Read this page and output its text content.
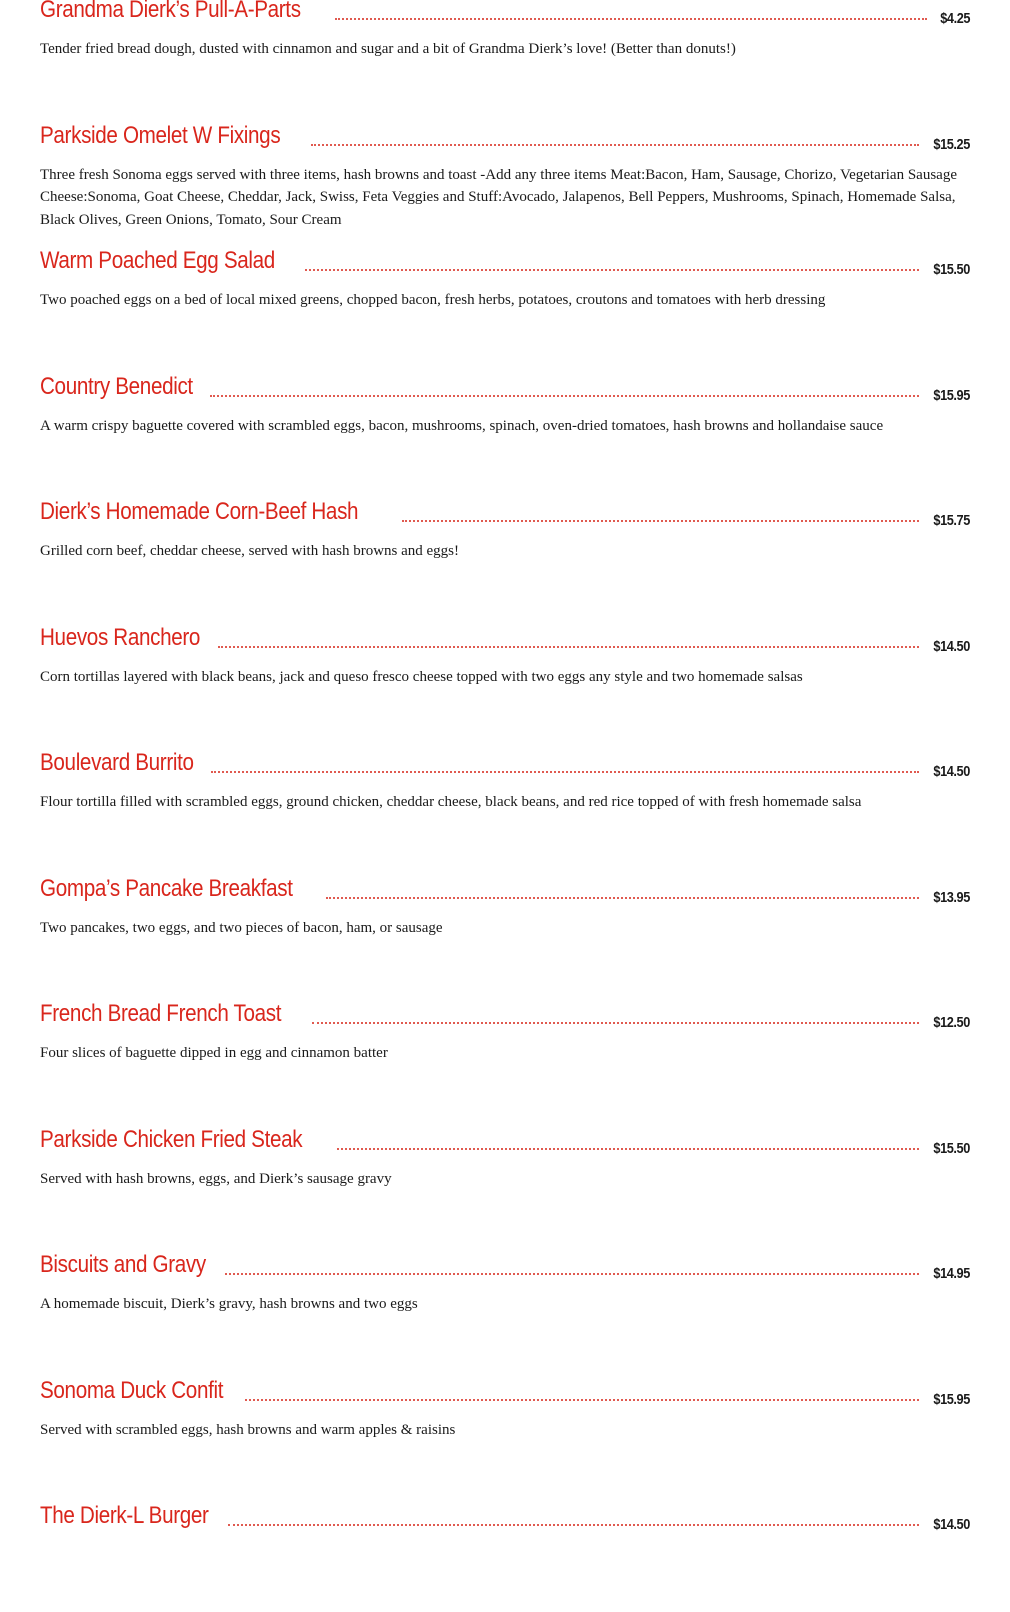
Grandma Dierk’s Pull-A-Parts	$4.25
Tender fried bread dough, dusted with cinnamon and sugar and a bit of Grandma Dierk’s love! (Better than donuts!)
Parkside Omelet W Fixings	$15.25
Three fresh Sonoma eggs served with three items, hash browns and toast -Add any three items Meat:Bacon, Ham, Sausage, Chorizo, Vegetarian Sausage Cheese:Sonoma, Goat Cheese, Cheddar, Jack, Swiss, Feta Veggies and Stuff:Avocado, Jalapenos, Bell Peppers, Mushrooms, Spinach, Homemade Salsa, Black Olives, Green Onions, Tomato, Sour Cream
Warm Poached Egg Salad	$15.50
Two poached eggs on a bed of local mixed greens, chopped bacon, fresh herbs, potatoes, croutons and tomatoes with herb dressing
Country Benedict	$15.95
A warm crispy baguette covered with scrambled eggs, bacon, mushrooms, spinach, oven-dried tomatoes, hash browns and hollandaise sauce
Dierk’s Homemade Corn-Beef Hash	$15.75
Grilled corn beef, cheddar cheese, served with hash browns and eggs!
Huevos Ranchero	$14.50
Corn tortillas layered with black beans, jack and queso fresco cheese topped with two eggs any style and two homemade salsas
Boulevard Burrito	$14.50
Flour tortilla filled with scrambled eggs, ground chicken, cheddar cheese, black beans, and red rice topped of with fresh homemade salsa
Gompa’s Pancake Breakfast	$13.95
Two pancakes, two eggs, and two pieces of bacon, ham, or sausage
French Bread French Toast	$12.50
Four slices of baguette dipped in egg and cinnamon batter
Parkside Chicken Fried Steak	$15.50
Served with hash browns, eggs, and Dierk’s sausage gravy
Biscuits and Gravy	$14.95
A homemade biscuit, Dierk’s gravy, hash browns and two eggs
Sonoma Duck Confit	$15.95
Served with scrambled eggs, hash browns and warm apples & raisins
The Dierk-L Burger	$14.50
